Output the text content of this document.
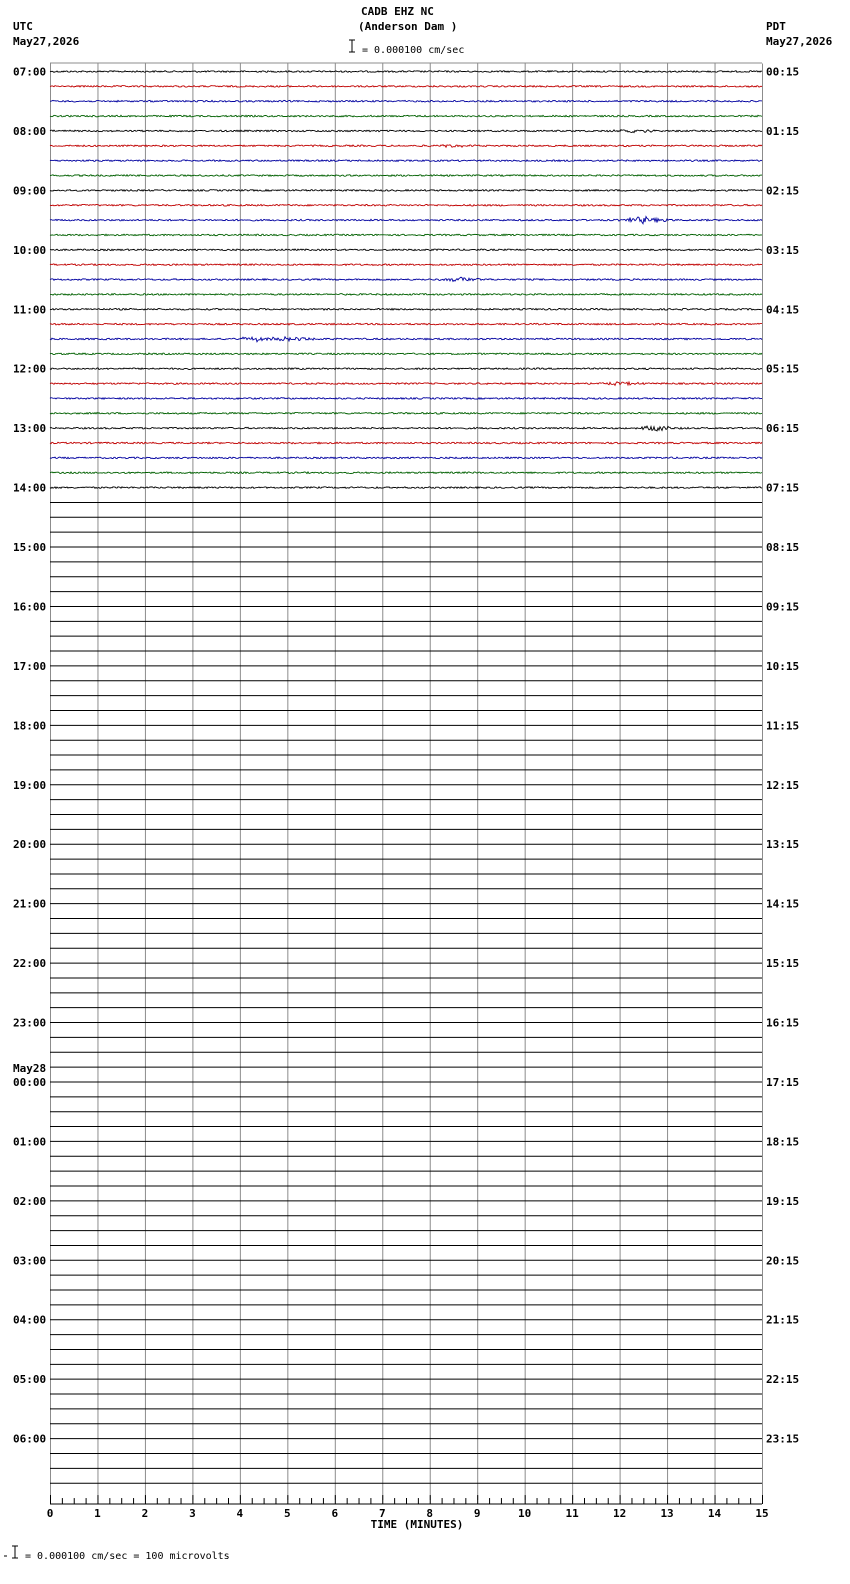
UTC
May27,2026
CADB EHZ NC
(Anderson Dam )
= 0.000100 cm/sec
PDT
May27,2026
= 0.000100 cm/sec = 100 microvolts
07:00	00:15
08:00	01:15
09:00	02:15
10:00	03:15
11:00	04:15
12:00	05:15
13:00	06:15
14:00	07:15
15:00	08:15
16:00	09:15
17:00	10:15
18:00	11:15
19:00	12:15
20:00	13:15
21:00	14:15
22:00	15:15
23:00	16:15
00:00	17:15
May28
01:00	18:15
02:00	19:15
03:00	20:15
04:00	21:15
05:00	22:15
06:00	23:15
0	1	2	3	4	5	6	7	8	9	10	11	12	13	14	15
TIME (MINUTES)
